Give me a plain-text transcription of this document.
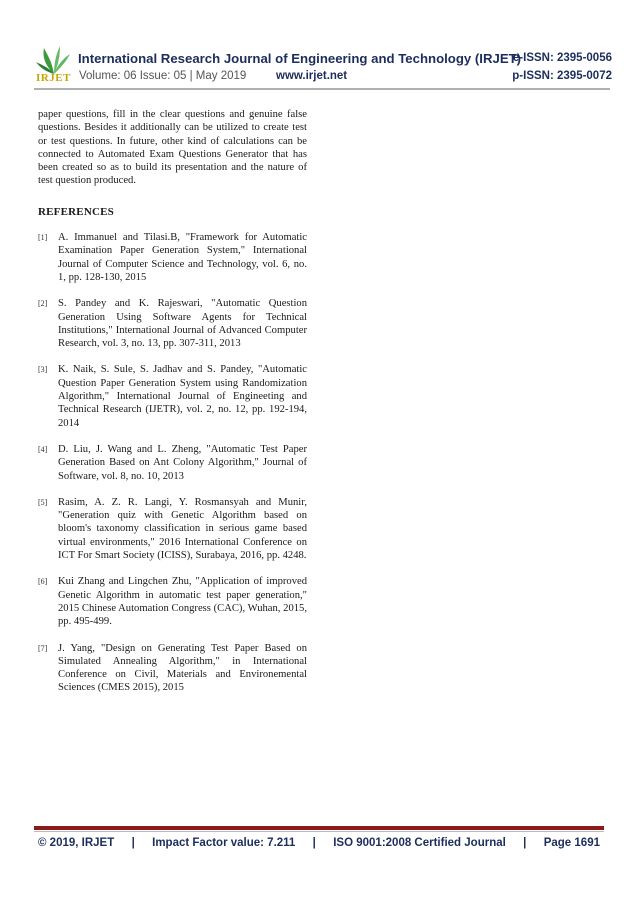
IRJET
International Research Journal of Engineering and Technology (IRJET)
e-ISSN: 2395-0056
Volume: 06 Issue: 05 | May 2019	www.irjet.net	p-ISSN: 2395-0072

paper questions, fill in the clear questions and genuine false questions. Besides it additionally can be utilized to create test or test questions. In future, other kind of calculations can be connected to Automated Exam Questions Generator that has been created so as to build its presentation and the nature of test question produced.

REFERENCES
[1]	A. Immanuel and Tilasi.B, "Framework for Automatic Examination Paper Generation System," International Journal of Computer Science and Technology, vol. 6, no. 1, pp. 128-130, 2015
[2]	S. Pandey and K. Rajeswari, "Automatic Question Generation Using Software Agents for Technical Institutions," International Journal of Advanced Computer Research, vol. 3, no. 13, pp. 307-311, 2013
[3]	K. Naik, S. Sule, S. Jadhav and S. Pandey, "Automatic Question Paper Generation System using Randomization Algorithm," International Journal of Engineeting and Technical Research (IJETR), vol. 2, no. 12, pp. 192-194, 2014
[4]	D. Liu, J. Wang and L. Zheng, "Automatic Test Paper Generation Based on Ant Colony Algorithm," Journal of Software, vol. 8, no. 10, 2013
[5]	Rasim, A. Z. R. Langi, Y. Rosmansyah and Munir, "Generation quiz with Genetic Algorithm based on bloom's taxonomy classification in serious game based virtual environments," 2016 International Conference on ICT For Smart Society (ICISS), Surabaya, 2016, pp. 4248.
[6]	Kui Zhang and Lingchen Zhu, "Application of improved Genetic Algorithm in automatic test paper generation," 2015 Chinese Automation Congress (CAC), Wuhan, 2015, pp. 495-499.
[7]	J. Yang, "Design on Generating Test Paper Based on Simulated Annealing Algorithm," in International Conference on Civil, Materials and Environemental Sciences (CMES 2015), 2015
© 2019, IRJET | Impact Factor value: 7.211 | ISO 9001:2008 Certified Journal | Page 1691
